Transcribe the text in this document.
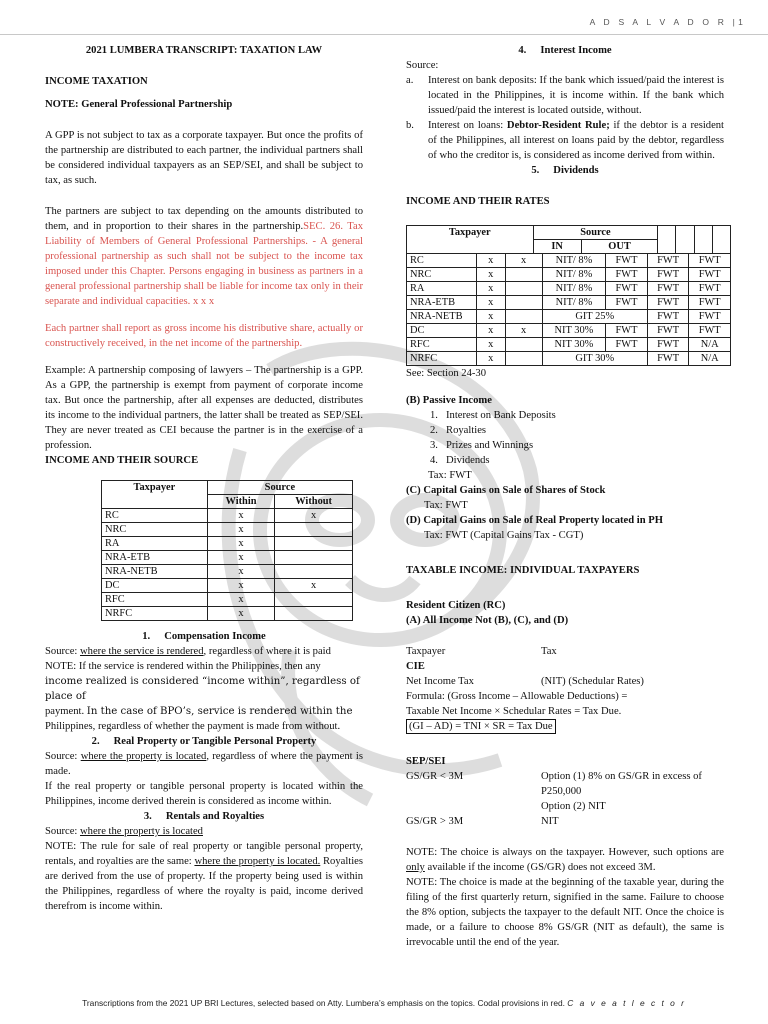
A D S A L V A D O R |1

2021 LUMBERA TRANSCRIPT: TAXATION LAW

INCOME TAXATION

NOTE: General Professional Partnership

A GPP is not subject to tax as a corporate taxpayer. But once the profits of the partnership are distributed to each partner, the individual partners shall be considered individual taxpayers as an SEP/SEI, and shall be subject to tax, as such.

The partners are subject to tax depending on the amounts distributed to them, and in proportion to their shares in the partnership.SEC. 26. Tax Liability of Members of General Professional Partnerships. - A general professional partnership as such shall not be subject to the income tax imposed under this Chapter. Persons engaging in business as partners in a general professional partnership shall be liable for income tax only in their separate and individual capacities. x x x

Each partner shall report as gross income his distributive share, actually or constructively received, in the net income of the partnership.

Example: A partnership composing of lawyers – The partnership is a GPP. As a GPP, the partnership is exempt from payment of corporate income tax. But once the partnership, after all expenses are deducted, distributes its income to the individual partners, the latter shall be treated as SEP/SEI. They are never treated as CEI because the partner is in the exercise of a profession.

INCOME AND THEIR SOURCE

Taxpayer	Source	
	Within	Without
RC	x	x
NRC	x	
RA	x	
NRA-ETB	x	
NRA-NETB	x	
DC	x	x
RFC	x	
NRFC	x	

1. Compensation Income

Source: where the service is rendered, regardless of where it is paid

NOTE: If the service is rendered within the Philippines, then any

income realized is considered “income within”, regardless of place of

payment. In the case of BPO’s, service is rendered within the

Philippines, regardless of whether the payment is made from without.

2. Real Property or Tangible Personal Property

Source: where the property is located, regardless of where the payment is made.

If the real property or tangible personal property is located within the Philippines, income derived therein is considered as income within.

3. Rentals and Royalties

Source: where the property is located

NOTE: The rule for sale of real property or tangible personal property, rentals, and royalties are the same: where the property is located. Royalties are derived from the use of property. If the property being used is within the Philippines, regardless of where the royalty is paid, income derived therefrom is income within.

4. Interest Income

Source:

a. Interest on bank deposits: If the bank which issued/paid the interest is located in the Philippines, it is income within. If the bank which issued/paid the interest is located outside, without.
b. Interest on loans: Debtor-Resident Rule; if the debtor is a resident of the Philippines, all interest on loans paid by the debtor, regardless of who the creditor is, is considered as income derived from within.

5. Dividends

INCOME AND THEIR RATES

Taxpayer	Source					
	IN	OUT				
RC	x	x	NIT/ 8%	FWT	FWT	FWT
NRC	x		NIT/ 8%	FWT	FWT	FWT
RA	x		NIT/ 8%	FWT	FWT	FWT
NRA-ETB	x		NIT/ 8%	FWT	FWT	FWT
NRA-NETB	x		GIT 25%		FWT	FWT
DC	x	x	NIT 30%	FWT	FWT	FWT
RFC	x		NIT 30%	FWT	FWT	N/A
NRFC	x		GIT 30%		FWT	N/A

See: Section 24-30

(B) Passive Income

1. Interest on Bank Deposits
2. Royalties
3. Prizes and Winnings
4. Dividends

Tax: FWT

(C) Capital Gains on Sale of Shares of Stock

Tax: FWT

(D) Capital Gains on Sale of Real Property located in PH

Tax: FWT (Capital Gains Tax - CGT)

TAXABLE INCOME: INDIVIDUAL TAXPAYERS

Resident Citizen (RC)

(A) All Income Not (B), (C), and (D)

Taxpayer	Tax

CIE

Net Income Tax	(NIT) (Schedular Rates)

Formula: (Gross Income – Allowable Deductions) =

Taxable Net Income × Schedular Rates = Tax Due.

(GI – AD) = TNI × SR = Tax Due

SEP/SEI

GS/GR < 3M	Option (1) 8% on GS/GR in excess of P250,000
Option (2) NIT
GS/GR > 3M	NIT

NOTE: The choice is always on the taxpayer. However, such options are only available if the income (GS/GR) does not exceed 3M.

NOTE: The choice is made at the beginning of the taxable year, during the filing of the first quarterly return, signified in the same. Failure to choose the 8% option, subjects the taxpayer to the default NIT. Once the choice is made, or a failure to choose 8% GS/GR (NIT as default), the same is irrevocable until the end of the year.

Transcriptions from the 2021 UP BRI Lectures, selected based on Atty. Lumbera’s emphasis on the topics. Codal provisions in red. C a v e a t l e c t o r
